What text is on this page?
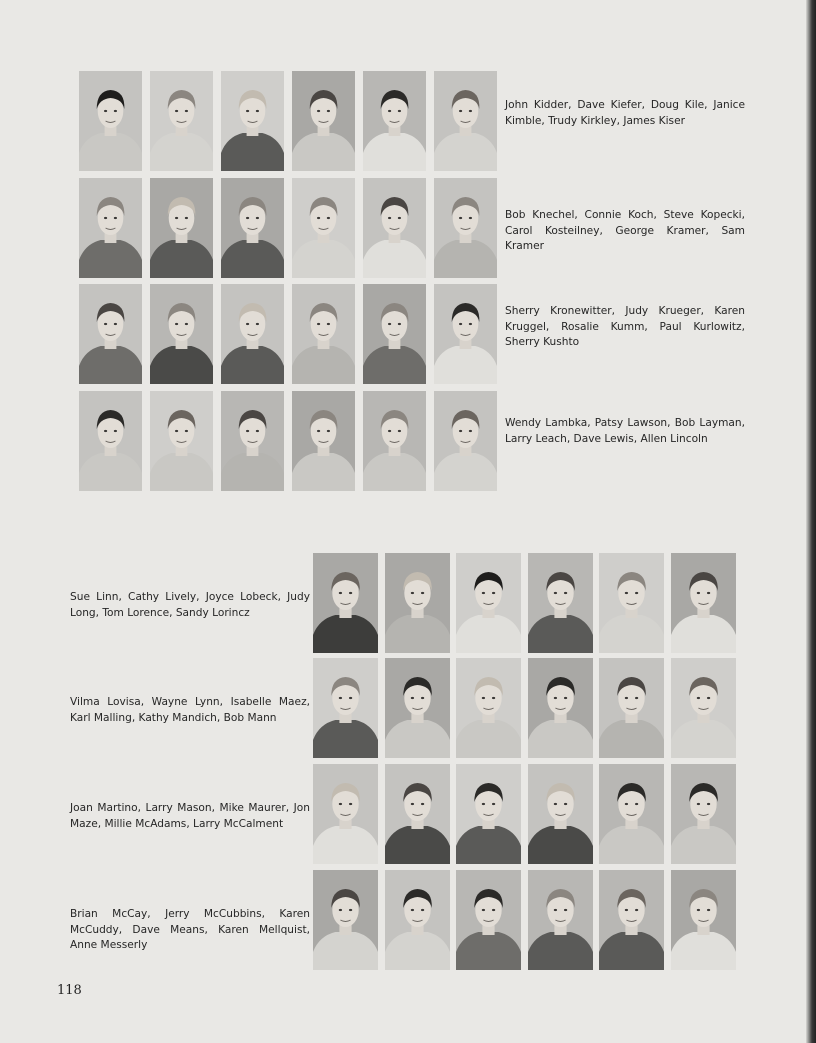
John Kidder, Dave Kiefer, Doug Kile, Janice Kimble, Trudy Kirkley, James Kiser
Bob Knechel, Connie Koch, Steve Kopecki, Carol Kosteilney, George Kramer, Sam Kramer
Sherry Kronewitter, Judy Krueger, Karen Kruggel, Rosalie Kumm, Paul Kurlowitz, Sherry Kushto
Wendy Lambka, Patsy Lawson, Bob Layman, Larry Leach, Dave Lewis, Allen Lincoln
Sue Linn, Cathy Lively, Joyce Lobeck, Judy Long, Tom Lorence, Sandy Lorincz
Vilma Lovisa, Wayne Lynn, Isabelle Maez, Karl Malling, Kathy Mandich, Bob Mann
Joan Martino, Larry Mason, Mike Maurer, Jon Maze, Millie McAdams, Larry McCalment
Brian McCay, Jerry McCubbins, Karen McCuddy, Dave Means, Karen Mellquist, Anne Messerly
118
